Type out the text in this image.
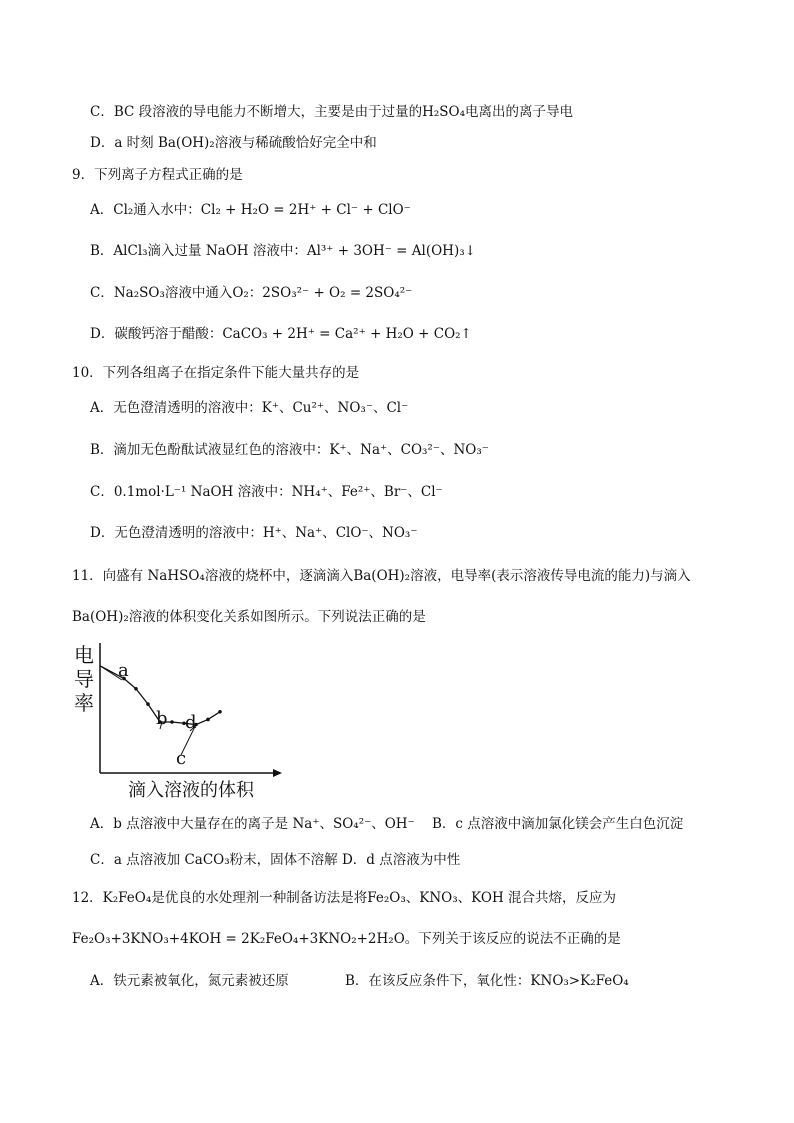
C．BC 段溶液的导电能力不断增大，主要是由于过量的H₂SO₄电离出的离子导电
D．a 时刻 Ba(OH)₂溶液与稀硫酸恰好完全中和
9．下列离子方程式正确的是
A．Cl₂通入水中：Cl₂ + H₂O = 2H⁺ + Cl⁻ + ClO⁻
B．AlCl₃滴入过量 NaOH 溶液中：Al³⁺ + 3OH⁻ = Al(OH)₃↓
C．Na₂SO₃溶液中通入O₂：2SO₃²⁻ + O₂ = 2SO₄²⁻
D．碳酸钙溶于醋酸：CaCO₃ + 2H⁺ = Ca²⁺ + H₂O + CO₂↑
10．下列各组离子在指定条件下能大量共存的是
A．无色澄清透明的溶液中：K⁺、Cu²⁺、NO₃⁻、Cl⁻
B．滴加无色酚酞试液显红色的溶液中：K⁺、Na⁺、CO₃²⁻、NO₃⁻
C．0.1mol·L⁻¹ NaOH 溶液中：NH₄⁺、Fe²⁺、Br⁻、Cl⁻
D．无色澄清透明的溶液中：H⁺、Na⁺、ClO⁻、NO₃⁻
11．向盛有 NaHSO₄溶液的烧杯中，逐滴滴入Ba(OH)₂溶液，电导率(表示溶液传导电流的能力)与滴入
Ba(OH)₂溶液的体积变化关系如图所示。下列说法正确的是
电导率
滴入溶液的体积
a
b
c
d
A．b 点溶液中大量存在的离子是 Na⁺、SO₄²⁻、OH⁻ B．c 点溶液中滴加氯化镁会产生白色沉淀
C．a 点溶液加 CaCO₃粉末，固体不溶解 D．d 点溶液为中性
12．K₂FeO₄是优良的水处理剂一种制备访法是将Fe₂O₃、KNO₃、KOH 混合共熔，反应为
Fe₂O₃+3KNO₃+4KOH = 2K₂FeO₄+3KNO₂+2H₂O。下列关于该反应的说法不正确的是
A．铁元素被氧化，氮元素被还原	B．在该反应条件下，氧化性：KNO₃>K₂FeO₄
